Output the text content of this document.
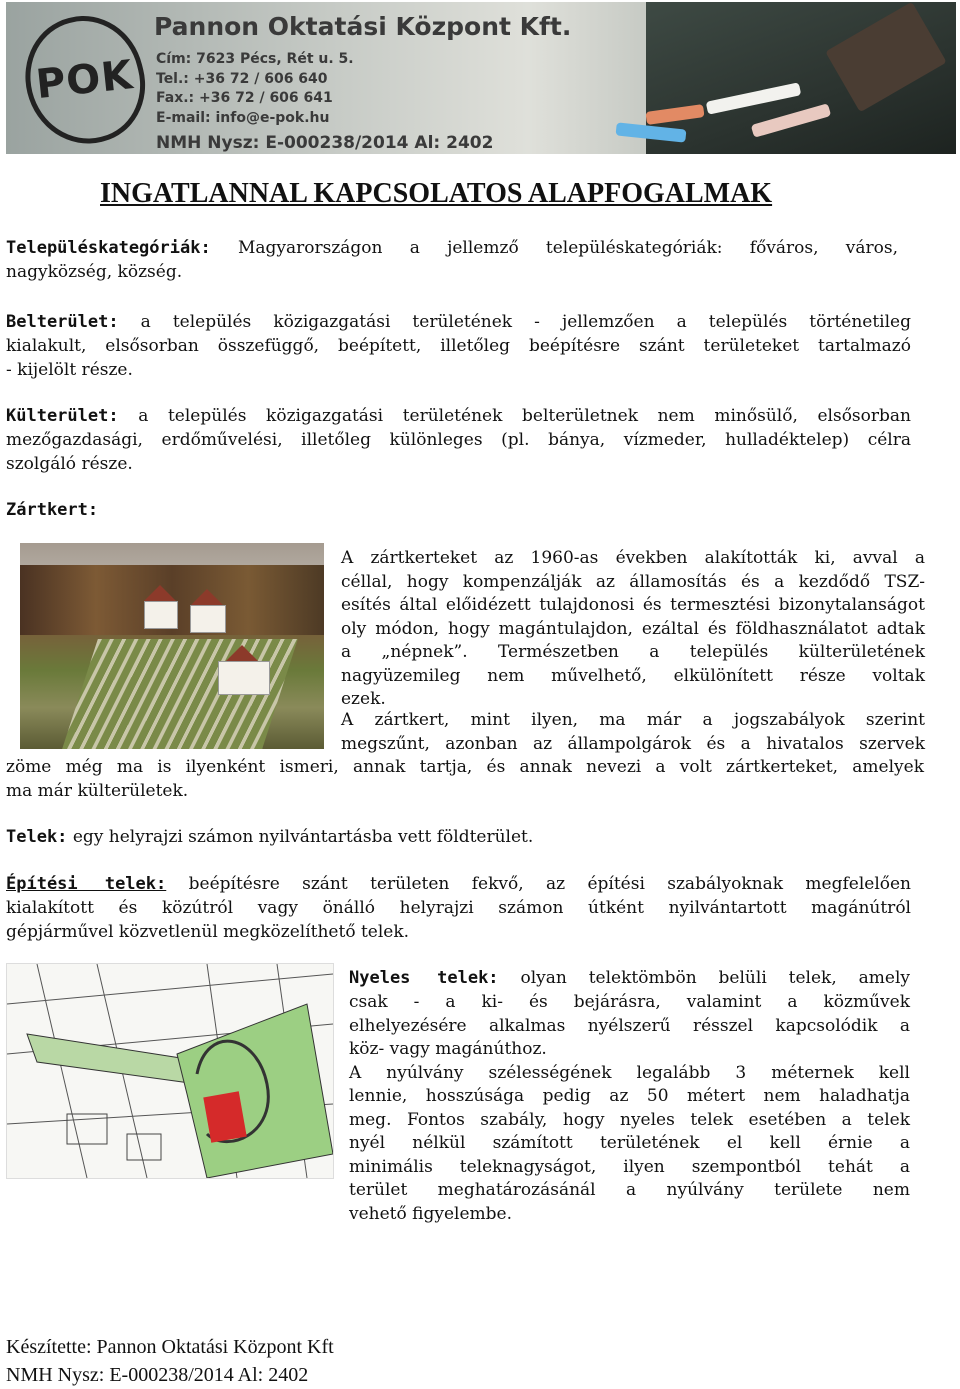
POK
Pannon Oktatási Központ Kft.
Cím: 7623 Pécs, Rét u. 5.
Tel.: +36 72 / 606 640
Fax.: +36 72 / 606 641
E-mail: info@e-pok.hu
NMH Nysz: E-000238/2014 Al: 2402
INGATLANNAL KAPCSOLATOS ALAPFOGALMAK

Településkategóriák: Magyarországon a jellemző településkategóriák: főváros, város,

nagyközség, község.

Belterület: a település közigazgatási területének - jellemzően a település történetileg

kialakult, elsősorban összefüggő, beépített, illetőleg beépítésre szánt területeket tartalmazó

- kijelölt része.

Külterület: a település közigazgatási területének belterületnek nem minősülő, elsősorban

mezőgazdasági, erdőművelési, illetőleg különleges (pl. bánya, vízmeder, hulladéktelep) célra

szolgáló része.

Zártkert:

A zártkerteket az 1960-as években alakították ki, avval a

céllal, hogy kompenzálják az államosítás és a kezdődő TSZ-

esítés által előidézett tulajdonosi és termesztési bizonytalanságot

oly módon, hogy magántulajdon, ezáltal és földhasználatot adtak

a „népnek”. Természetben a település külterületének

nagyüzemileg nem művelhető, elkülönített része voltak

ezek.

A zártkert, mint ilyen, ma már a jogszabályok szerint

megszűnt, azonban az állampolgárok és a hivatalos szervek

zöme még ma is ilyenként ismeri, annak tartja, és annak nevezi a volt zártkerteket, amelyek

ma már külterületek.

Telek: egy helyrajzi számon nyilvántartásba vett földterület.

Építési telek: beépítésre szánt területen fekvő, az építési szabályoknak megfelelően

kialakított és közútról vagy önálló helyrajzi számon útként nyilvántartott magánútról

gépjárművel közvetlenül megközelíthető telek.

Nyeles telek: olyan telektömbön belüli telek, amely

csak - a ki- és bejárásra, valamint a közművek

elhelyezésére alkalmas nyélszerű résszel kapcsolódik a

köz- vagy magánúthoz.

A nyúlvány szélességének legalább 3 méternek kell

lennie, hosszúsága pedig az 50 métert nem haladhatja

meg. Fontos szabály, hogy nyeles telek esetében a telek

nyél nélkül számított területének el kell érnie a

minimális teleknagyságot, ilyen szempontból tehát a

terület meghatározásánál a nyúlvány területe nem

vehető figyelembe.

Készítette: Pannon Oktatási Központ Kft
NMH Nysz: E-000238/2014 Al: 2402
